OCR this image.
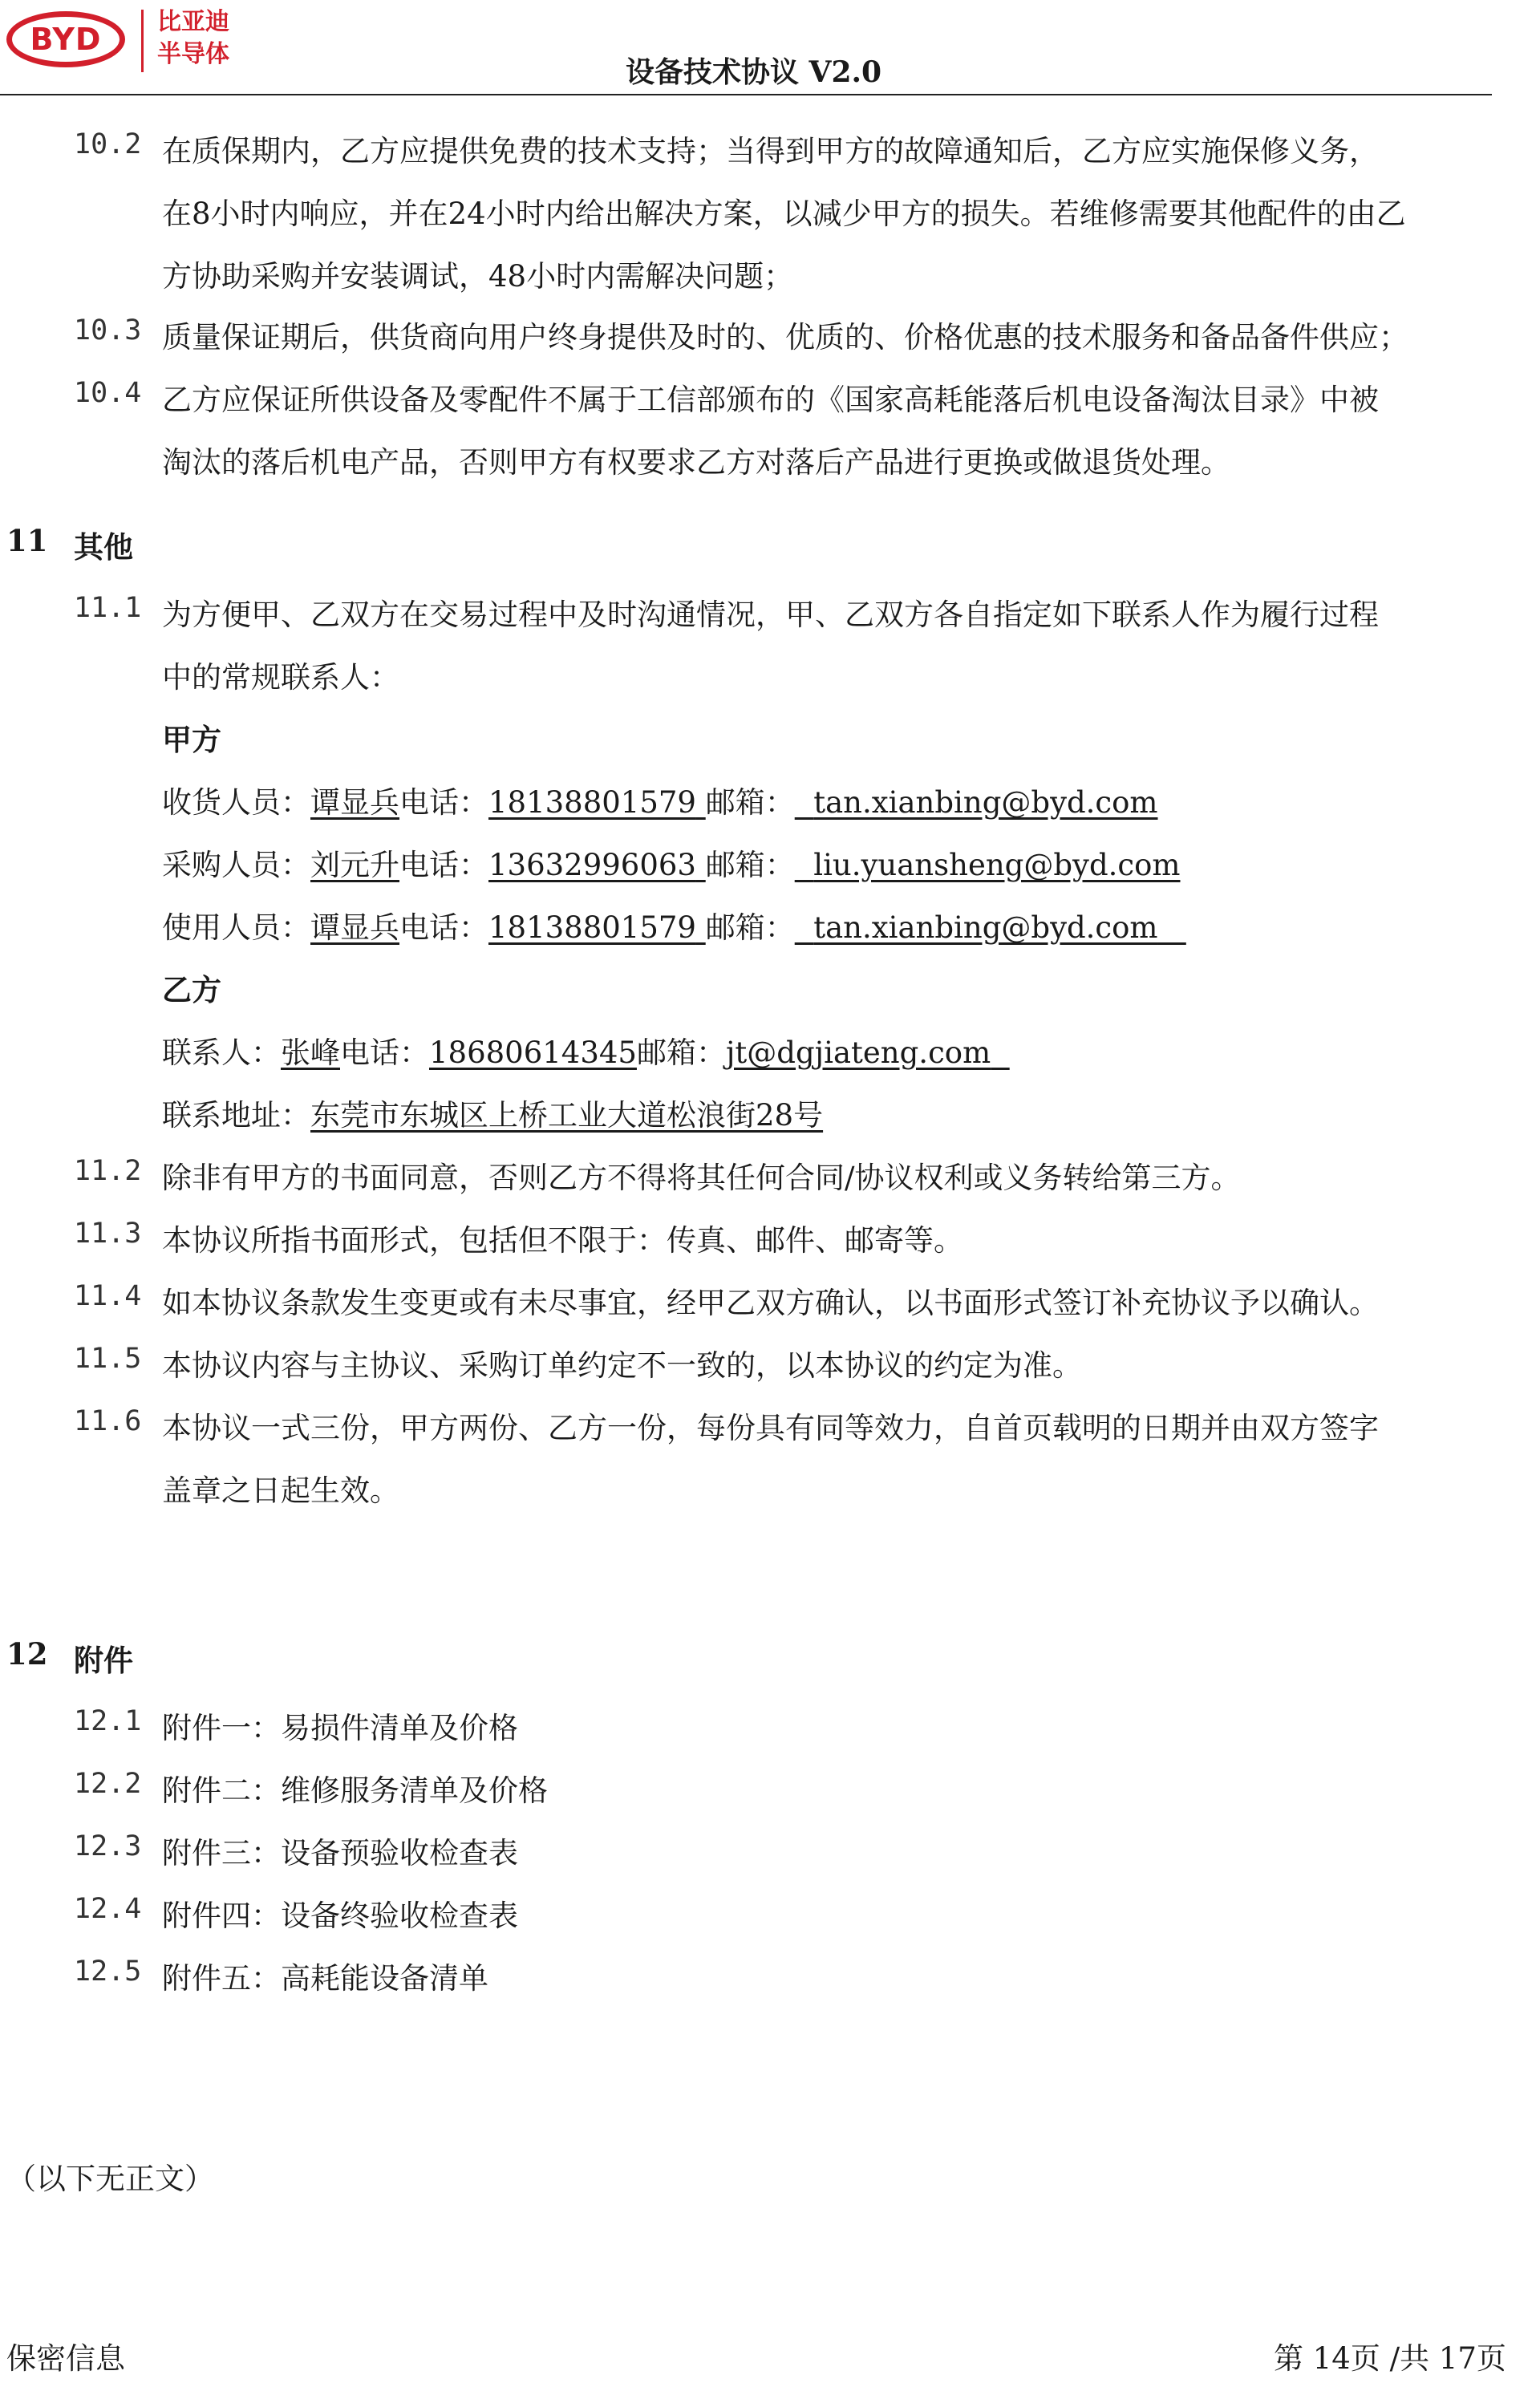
BYD 比亚迪
半导体
设备技术协议 V2.0
10.2 在质保期内，乙方应提供免费的技术支持；当得到甲方的故障通知后，乙方应实施保修义务，
在8小时内响应，并在24小时内给出解决方案，以减少甲方的损失。若维修需要其他配件的由乙
方协助采购并安装调试，48小时内需解决问题；
10.3 质量保证期后，供货商向用户终身提供及时的、优质的、价格优惠的技术服务和备品备件供应；
10.4 乙方应保证所供设备及零配件不属于工信部颁布的《国家高耗能落后机电设备淘汰目录》中被
淘汰的落后机电产品，否则甲方有权要求乙方对落后产品进行更换或做退货处理。
11 其他
11.1 为方便甲、乙双方在交易过程中及时沟通情况，甲、乙双方各自指定如下联系人作为履行过程
中的常规联系人：
甲方
收货人员：谭显兵电话：18138801579 邮箱： tan.xianbing@byd.com
采购人员：刘元升电话：13632996063 邮箱： liu.yuansheng@byd.com
使用人员：谭显兵电话：18138801579 邮箱： tan.xianbing@byd.com
乙方
联系人：张峰电话：18680614345邮箱：jt@dgjiateng.com
联系地址：东莞市东城区上桥工业大道松浪街28号
11.2 除非有甲方的书面同意，否则乙方不得将其任何合同/协议权利或义务转给第三方。
11.3 本协议所指书面形式，包括但不限于：传真、邮件、邮寄等。
11.4 如本协议条款发生变更或有未尽事宜，经甲乙双方确认，以书面形式签订补充协议予以确认。
11.5 本协议内容与主协议、采购订单约定不一致的，以本协议的约定为准。
11.6 本协议一式三份，甲方两份、乙方一份，每份具有同等效力，自首页载明的日期并由双方签字
盖章之日起生效。
12 附件
12.1 附件一：易损件清单及价格
12.2 附件二：维修服务清单及价格
12.3 附件三：设备预验收检查表
12.4 附件四：设备终验收检查表
12.5 附件五：高耗能设备清单
（以下无正文）
保密信息	第 14页 /共 17页
